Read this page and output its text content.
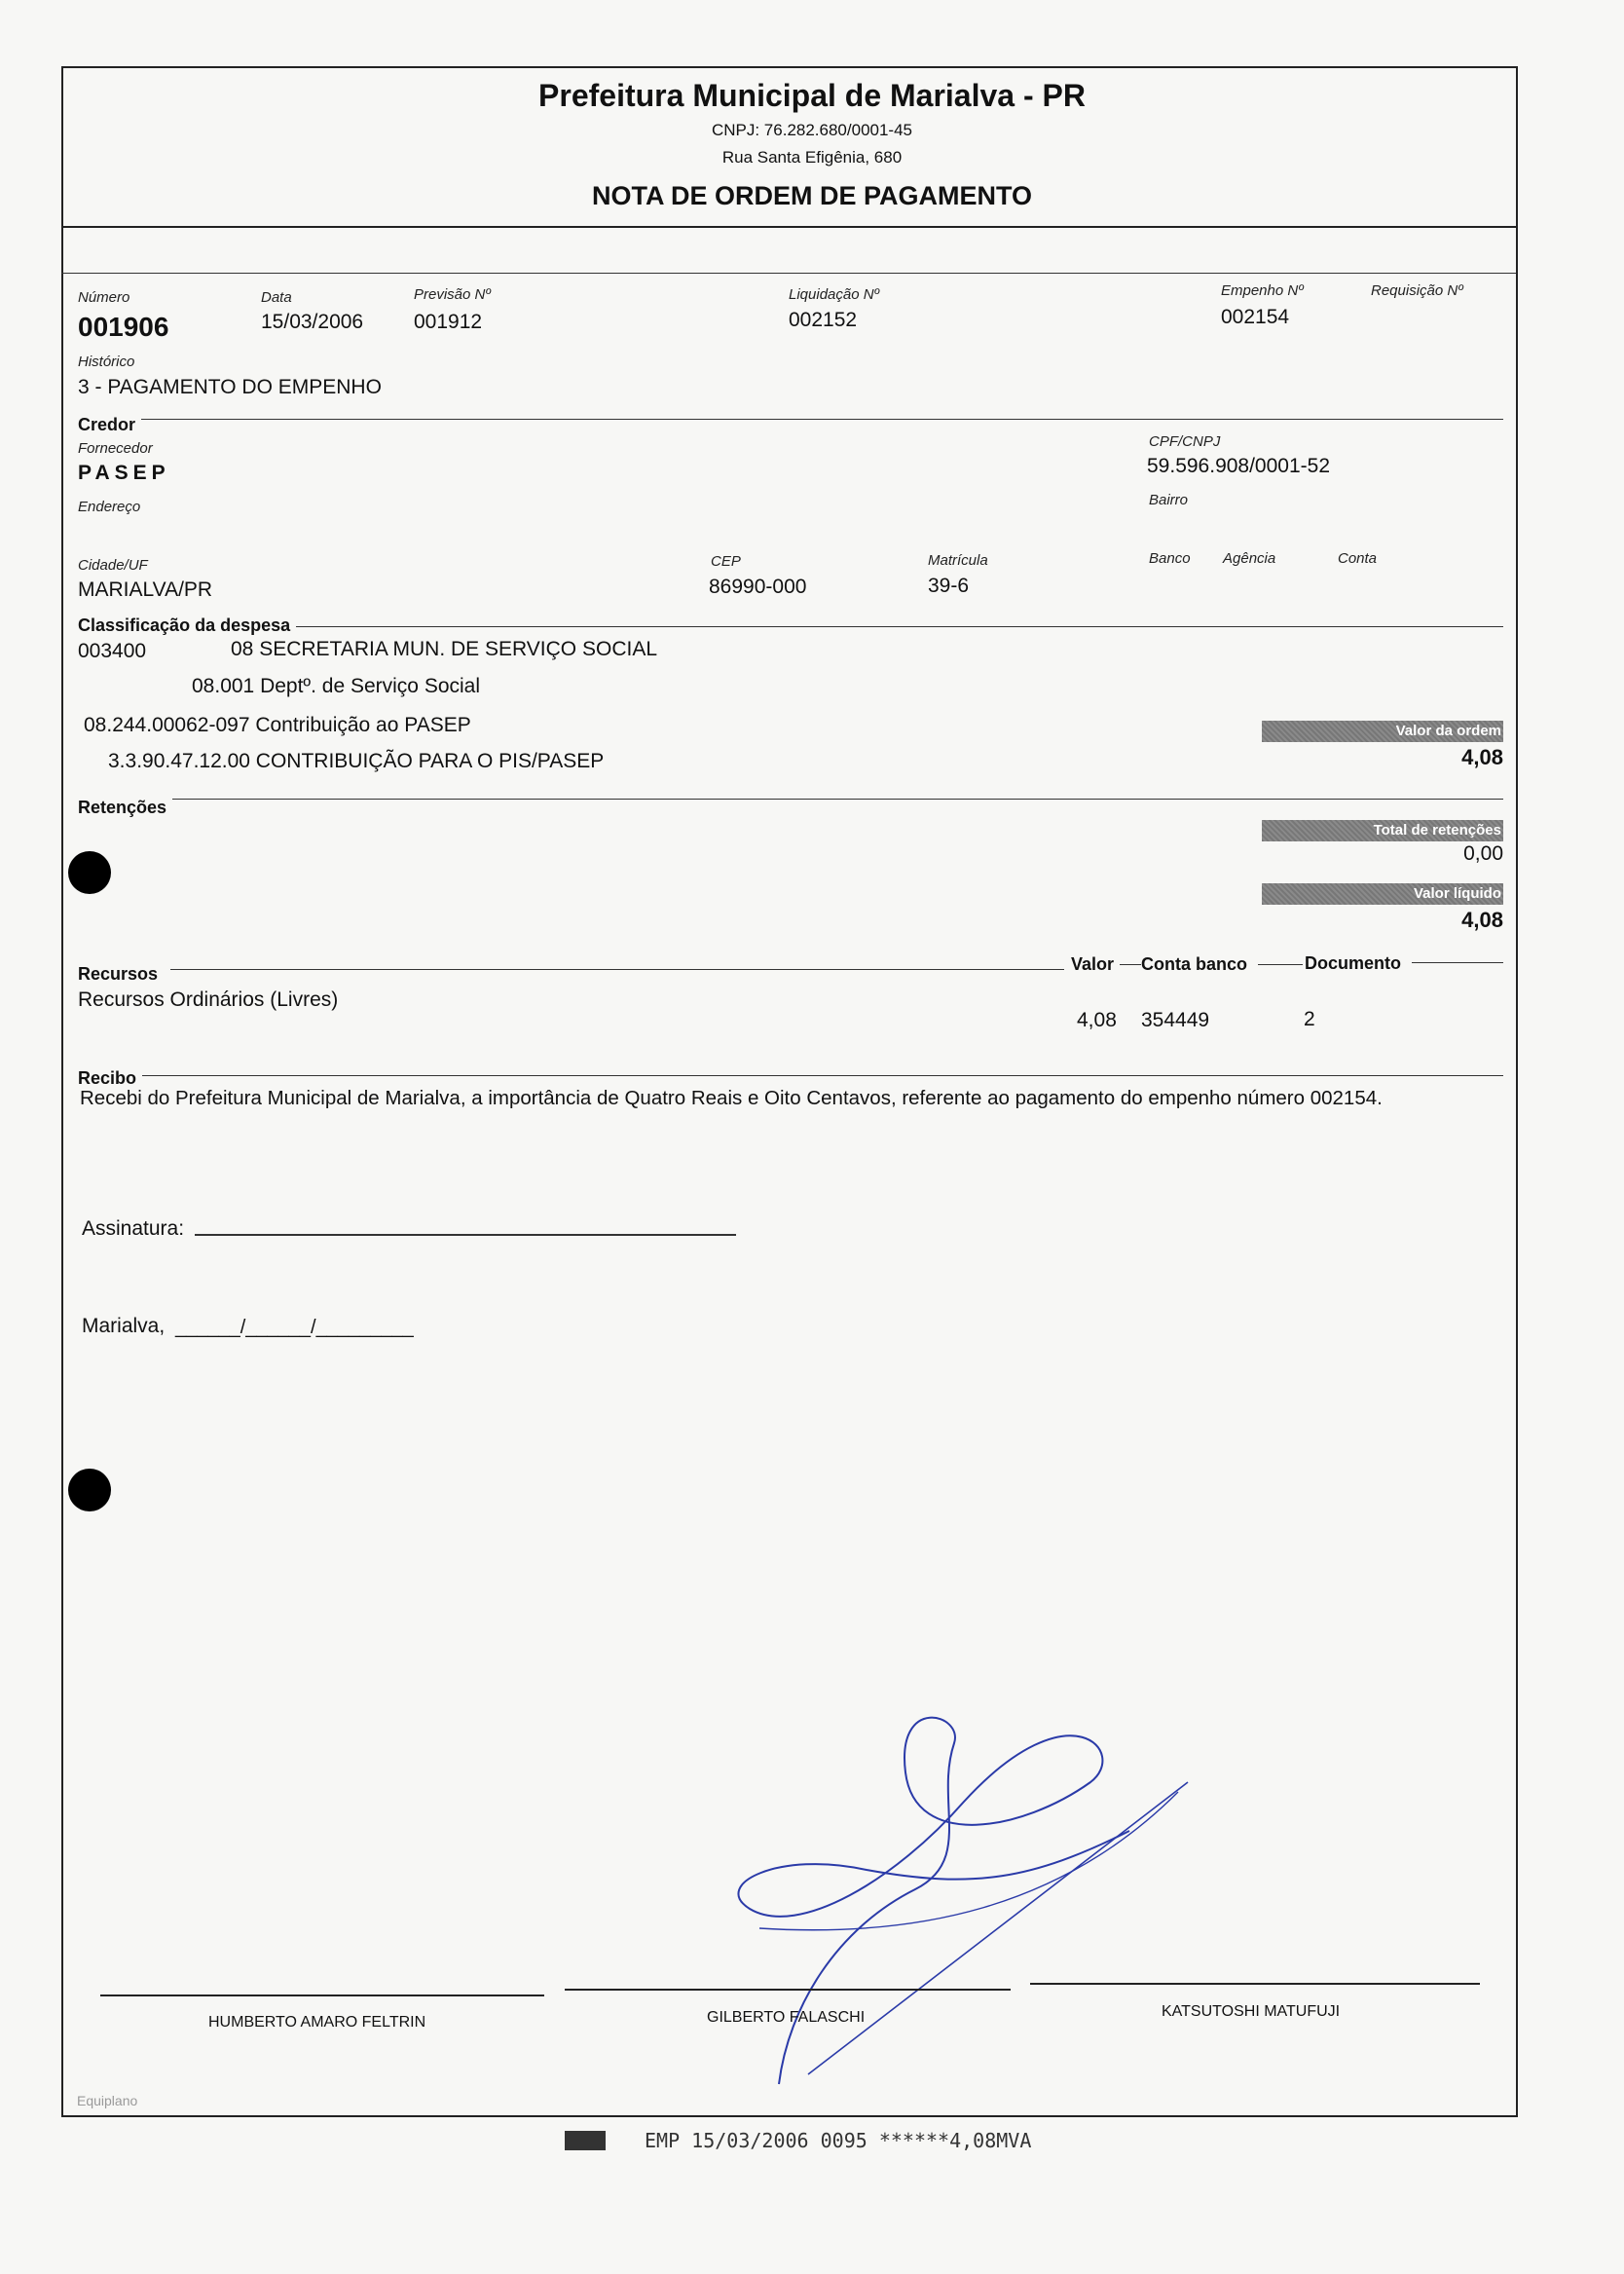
Prefeitura Municipal de Marialva - PR
CNPJ: 76.282.680/0001-45
Rua Santa Efigênia, 680
NOTA DE ORDEM DE PAGAMENTO
Número
001906
Data
15/03/2006
Previsão Nº
001912
Liquidação Nº
002152
Empenho Nº
002154
Requisição Nº
Histórico
3 - PAGAMENTO DO EMPENHO
Credor
Fornecedor
PASEP
CPF/CNPJ
59.596.908/0001-52
Endereço	Bairro
Cidade/UF
MARIALVA/PR
CEP
86990-000
Matrícula
39-6
Banco Agência	Conta
Classificação da despesa
003400	08 SECRETARIA MUN. DE SERVIÇO SOCIAL
08.001 Deptº. de Serviço Social
08.244.00062-097 Contribuição ao PASEP
3.3.90.47.12.00 CONTRIBUIÇÃO PARA O PIS/PASEP
Valor da ordem
4,08
Retenções
Total de retenções
0,00
Valor líquido
4,08
Recursos	Valor	Conta banco	Documento
Recursos Ordinários (Livres)
4,08 354449	2
Recibo
Recebi do Prefeitura Municipal de Marialva, a importância de Quatro Reais e Oito Centavos, referente ao pagamento do empenho número 002154.
Assinatura:
Marialva, ______/______/_________
HUMBERTO AMARO FELTRIN	GILBERTO FALASCHI	KATSUTOSHI MATUFUJI
Equiplano
EMP 15/03/2006 0095 ******4,08MVA
